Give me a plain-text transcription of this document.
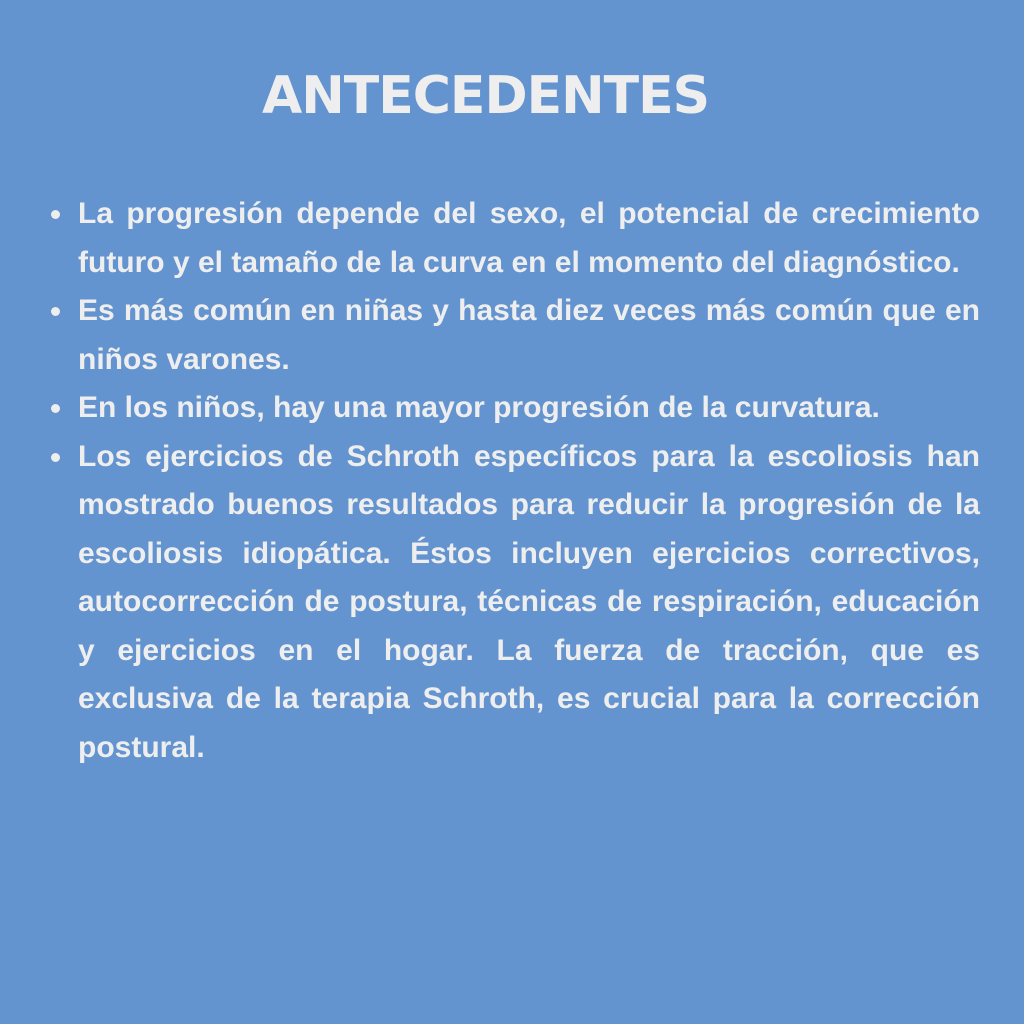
ANTECEDENTES
La progresión depende del sexo, el potencial de crecimiento futuro y el tamaño de la curva en el momento del diagnóstico.
Es más común en niñas y hasta diez veces más común que en niños varones.
En los niños, hay una mayor progresión de la curvatura.
Los ejercicios de Schroth específicos para la escoliosis han mostrado buenos resultados para reducir la progresión de la escoliosis idiopática. Éstos incluyen ejercicios correctivos, autocorrección de postura, técnicas de respiración, educación y ejercicios en el hogar. La fuerza de tracción, que es exclusiva de la terapia Schroth, es crucial para la corrección postural.
